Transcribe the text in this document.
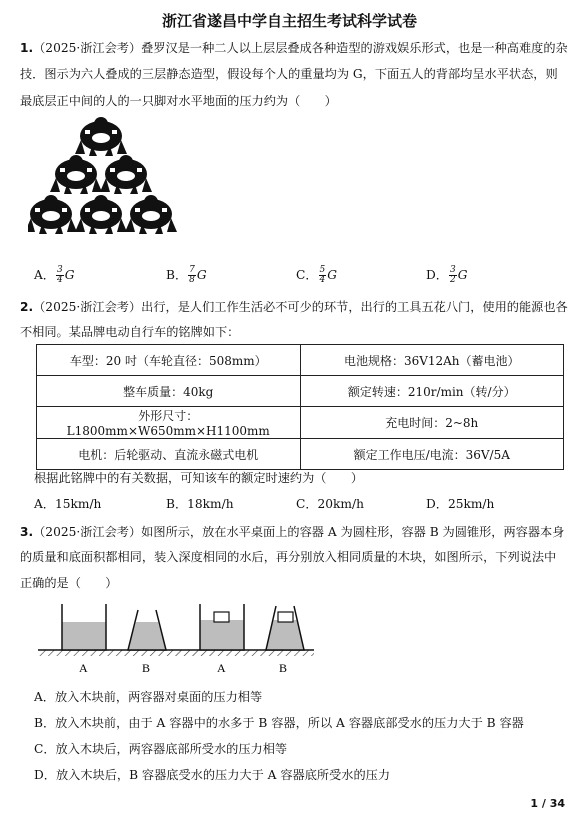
浙江省遂昌中学自主招生考试科学试卷
1.（2025·浙江会考）叠罗汉是一种二人以上层层叠成各种造型的游戏娱乐形式，也是一种高难度的杂
技．图示为六人叠成的三层静态造型，假设每个人的重量均为 G，下面五人的背部均呈水平状态，则
最底层正中间的人的一只脚对水平地面的压力约为（　　）
A． $\frac{3}{4}$ G	B． $\frac{7}{8}$ G	C． $\frac{5}{4}$ G	D． $\frac{3}{2}$ G
2.（2025·浙江会考）出行，是人们工作生活必不可少的环节，出行的工具五花八门，使用的能源也各
不相同。某品牌电动自行车的铭牌如下：
车型：20 吋（车轮直径：508mm）	电池规格：36V12Ah（蓄电池）
整车质量：40kg	额定转速：210r/min（转/分）
外形尺寸：L1800mm×W650mm×H1100mm	充电时间：2~8h
电机：后轮驱动、直流永磁式电机	额定工作电压/电流：36V/5A
根据此铭牌中的有关数据，可知该车的额定时速约为（　　）
A．15km/h	B．18km/h	C．20km/h	D．25km/h
3.（2025·浙江会考）如图所示，放在水平桌面上的容器 A 为圆柱形，容器 B 为圆锥形，两容器本身
的质量和底面积都相同，装入深度相同的水后，再分别放入相同质量的木块，如图所示，下列说法中
正确的是（　　）
A	B	A	B
A．放入木块前，两容器对桌面的压力相等
B．放入木块前，由于 A 容器中的水多于 B 容器，所以 A 容器底部受水的压力大于 B 容器
C．放入木块后，两容器底部所受水的压力相等
D．放入木块后，B 容器底受水的压力大于 A 容器底所受水的压力
1 / 34
